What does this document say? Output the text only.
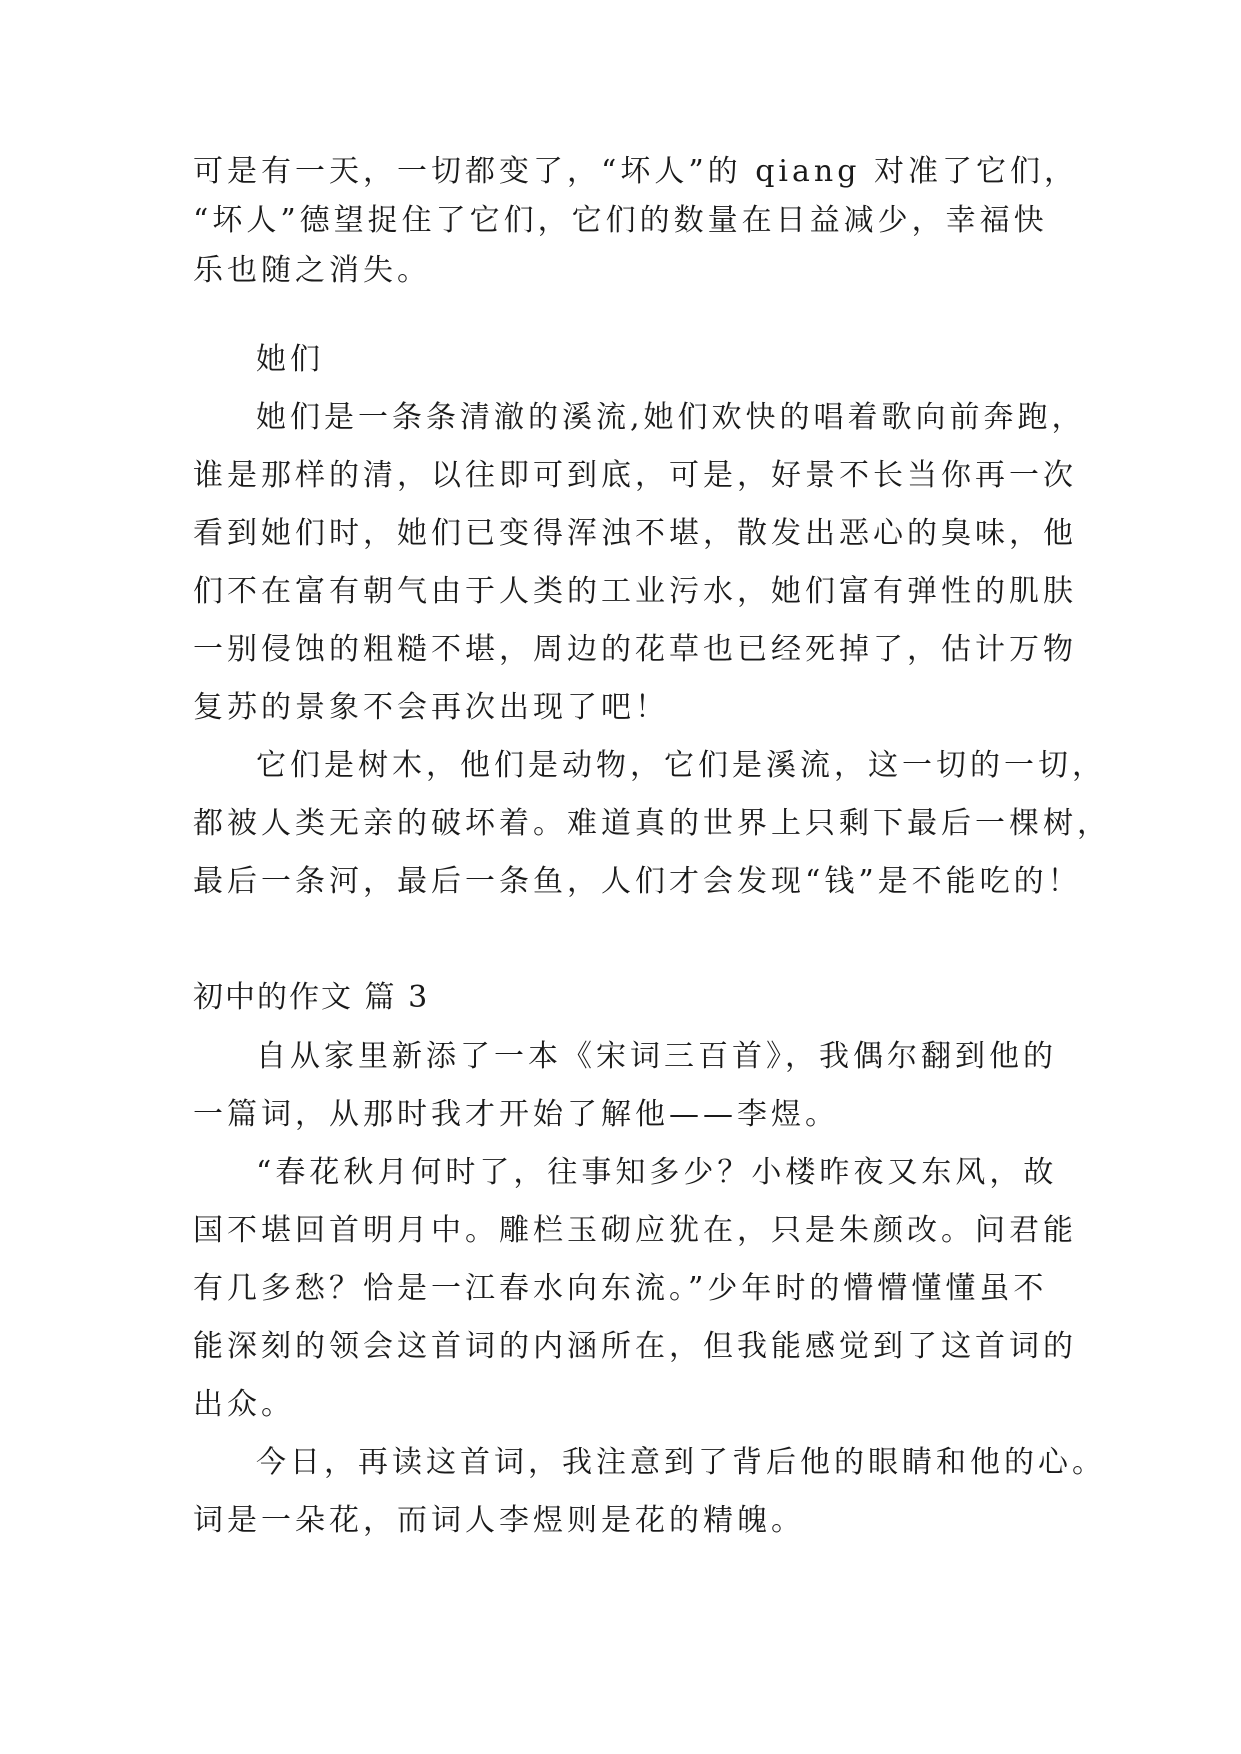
可是有一天，一切都变了，“坏人”的 qiang 对准了它们，
“坏人”德望捉住了它们，它们的数量在日益减少，幸福快
乐也随之消失。
她们
她们是一条条清澈的溪流,她们欢快的唱着歌向前奔跑，
谁是那样的清，以往即可到底，可是，好景不长当你再一次
看到她们时，她们已变得浑浊不堪，散发出恶心的臭味，他
们不在富有朝气由于人类的工业污水，她们富有弹性的肌肤
一别侵蚀的粗糙不堪，周边的花草也已经死掉了，估计万物
复苏的景象不会再次出现了吧！
它们是树木，他们是动物，它们是溪流，这一切的一切，
都被人类无亲的破坏着。难道真的世界上只剩下最后一棵树，
最后一条河，最后一条鱼，人们才会发现“钱”是不能吃的！
初中的作文 篇 3
自从家里新添了一本《宋词三百首》，我偶尔翻到他的
一篇词，从那时我才开始了解他——李煜。
“春花秋月何时了，往事知多少？小楼昨夜又东风，故
国不堪回首明月中。雕栏玉砌应犹在，只是朱颜改。问君能
有几多愁？恰是一江春水向东流。”少年时的懵懵懂懂虽不
能深刻的领会这首词的内涵所在，但我能感觉到了这首词的
出众。
今日，再读这首词，我注意到了背后他的眼睛和他的心。
词是一朵花，而词人李煜则是花的精魄。
